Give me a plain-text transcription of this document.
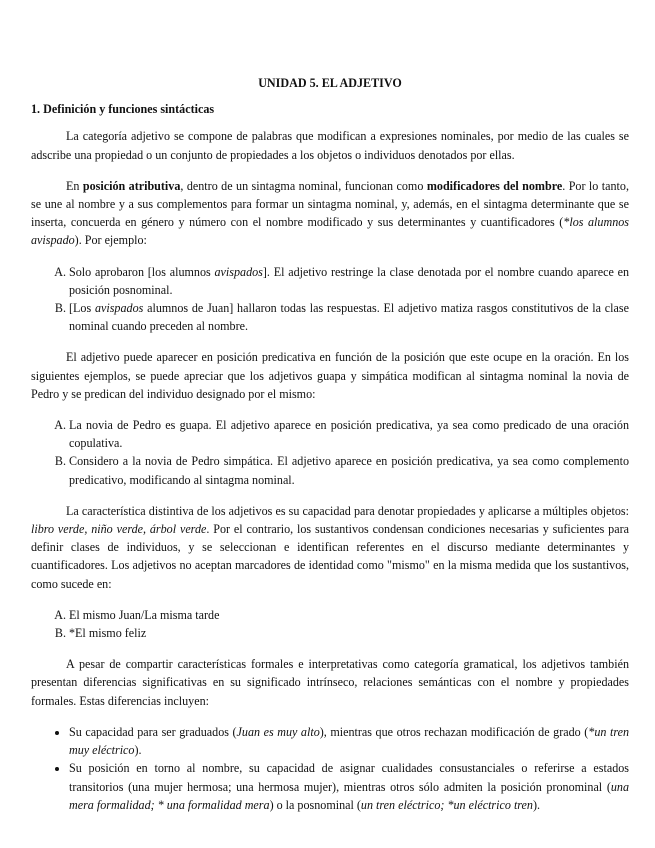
UNIDAD 5. EL ADJETIVO
1. Definición y funciones sintácticas

La categoría adjetivo se compone de palabras que modifican a expresiones nominales, por medio de las cuales se adscribe una propiedad o un conjunto de propiedades a los objetos o individuos denotados por ellas.

En posición atributiva, dentro de un sintagma nominal, funcionan como modificadores del nombre. Por lo tanto, se une al nombre y a sus complementos para formar un sintagma nominal, y, además, en el sintagma determinante que se inserta, concuerda en género y número con el nombre modificado y sus determinantes y cuantificadores (*los alumnos avispado). Por ejemplo:

A. Solo aprobaron [los alumnos avispados]. El adjetivo restringe la clase denotada por el nombre cuando aparece en posición posnominal.
B. [Los avispados alumnos de Juan] hallaron todas las respuestas. El adjetivo matiza rasgos constitutivos de la clase nominal cuando preceden al nombre.

El adjetivo puede aparecer en posición predicativa en función de la posición que este ocupe en la oración. En los siguientes ejemplos, se puede apreciar que los adjetivos guapa y simpática modifican al sintagma nominal la novia de Pedro y se predican del individuo designado por el mismo:

A. La novia de Pedro es guapa. El adjetivo aparece en posición predicativa, ya sea como predicado de una oración copulativa.
B. Considero a la novia de Pedro simpática. El adjetivo aparece en posición predicativa, ya sea como complemento predicativo, modificando al sintagma nominal.

La característica distintiva de los adjetivos es su capacidad para denotar propiedades y aplicarse a múltiples objetos: libro verde, niño verde, árbol verde. Por el contrario, los sustantivos condensan condiciones necesarias y suficientes para definir clases de individuos, y se seleccionan e identifican referentes en el discurso mediante determinantes y cuantificadores. Los adjetivos no aceptan marcadores de identidad como "mismo" en la misma medida que los sustantivos, como sucede en:

A. El mismo Juan/La misma tarde
B. *El mismo feliz

A pesar de compartir características formales e interpretativas como categoría gramatical, los adjetivos también presentan diferencias significativas en su significado intrínseco, relaciones semánticas con el nombre y propiedades formales. Estas diferencias incluyen:

• Su capacidad para ser graduados (Juan es muy alto), mientras que otros rechazan modificación de grado (*un tren muy eléctrico).
• Su posición en torno al nombre, su capacidad de asignar cualidades consustanciales o referirse a estados transitorios (una mujer hermosa; una hermosa mujer), mientras otros sólo admiten la posición pronominal (una mera formalidad; * una formalidad mera) o la posnominal (un tren eléctrico; *un eléctrico tren).
